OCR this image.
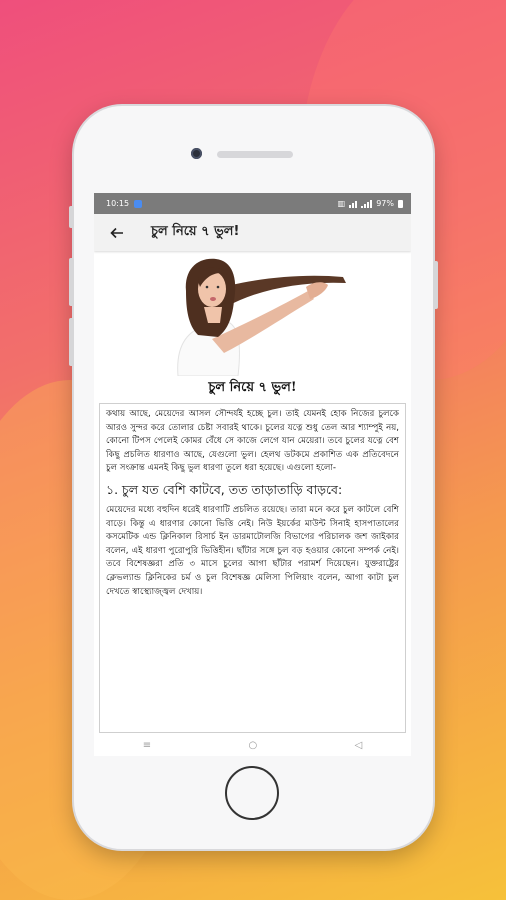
10:15	▥	97%
চুল নিয়ে ৭ ভুল!
চুল নিয়ে ৭ ভুল!
কথায় আছে, মেয়েদের আসল সৌন্দর্যই হচ্ছে চুল। তাই যেমনই হোক নিজের চুলকে আরও সুন্দর করে তোলার চেষ্টা সবারই থাকে। চুলের যত্নে শুধু তেল আর শ্যাম্পুই নয়, কোনো টিপস পেলেই কোমর বেঁধে সে কাজে লেগে যান মেয়েরা। তবে চুলের যত্নে বেশ কিছু প্রচলিত ধারণাও আছে, যেগুলো ভুল। হেলথ ডটকমে প্রকাশিত এক প্রতিবেদনে চুল সংক্রান্ত এমনই কিছু ভুল ধারণা তুলে ধরা হয়েছে। এগুলো হলো-
১. চুল যত বেশি কাটবে, তত তাড়াতাড়ি বাড়বে:
মেয়েদের মধ্যে বহুদিন ধরেই ধারণাটি প্রচলিত রয়েছে। তারা মনে করে চুল কাটলে বেশি বাড়ে। কিন্তু এ ধারণার কোনো ভিত্তি নেই। নিউ ইয়র্কের মাউন্ট সিনাই হাসপাতালের কসমেটিক এন্ড ক্লিনিকাল রিসার্চ ইন ডারমাটোলজি বিভাগের পরিচালক জশ জাইকার বলেন, এই ধারণা পুরোপুরি ভিত্তিহীন। ছাঁটার সঙ্গে চুল বড় হওয়ার কোনো সম্পর্ক নেই। তবে বিশেষজ্ঞরা প্রতি ৩ মাসে চুলের আগা ছাঁটার পরামর্শ দিয়েছেন। যুক্তরাষ্ট্রের ক্লেভল্যান্ড ক্লিনিকের চর্ম ও চুল বিশেষজ্ঞ মেলিসা পিলিয়াং বলেন, আগা কাটা চুল দেখতে স্বাস্থ্যোজ্জ্বল দেখায়।
≡	○	◁
